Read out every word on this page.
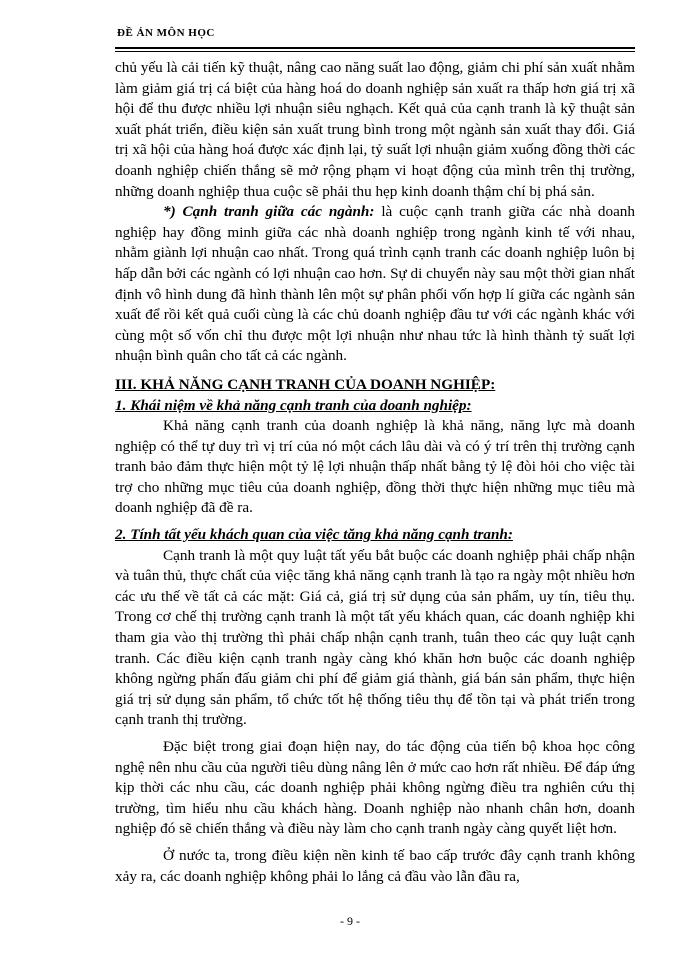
ĐỀ ÁN MÔN HỌC

chủ yếu là cải tiến kỹ thuật, nâng cao năng suất lao động, giảm chi phí sản xuất nhằm làm giảm giá trị cá biệt của hàng hoá do doanh nghiệp sản xuất ra thấp hơn giá trị xã hội để thu được nhiều lợi nhuận siêu nghạch. Kết quả của cạnh tranh là kỹ thuật sản xuất phát triển, điều kiện sản xuất trung bình trong một ngành sản xuất thay đổi. Giá trị xã hội của hàng hoá được xác định lại, tỷ suất lợi nhuận giảm xuống đồng thời các doanh nghiệp chiến thắng sẽ mở rộng phạm vi hoạt động của mình trên thị trường, những doanh nghiệp thua cuộc sẽ phải thu hẹp kinh doanh thậm chí bị phá sản.

*) Cạnh tranh giữa các ngành: là cuộc cạnh tranh giữa các nhà doanh nghiệp hay đồng minh giữa các nhà doanh nghiệp trong ngành kinh tế với nhau, nhằm giành lợi nhuận cao nhất. Trong quá trình cạnh tranh các doanh nghiệp luôn bị hấp dẫn bởi các ngành có lợi nhuận cao hơn. Sự di chuyển này sau một thời gian nhất định vô hình dung đã hình thành lên một sự phân phối vốn hợp lí giữa các ngành sản xuất để rồi kết quả cuối cùng là các chủ doanh nghiệp đầu tư với các ngành khác với cùng một số vốn chỉ thu được một lợi nhuận như nhau tức là hình thành tỷ suất lợi nhuận bình quân cho tất cả các ngành.

III. KHẢ NĂNG CẠNH TRANH CỦA DOANH NGHIỆP:

1. Khái niệm về khả năng cạnh tranh của doanh nghiệp:

Khả năng cạnh tranh của doanh nghiệp là khả năng, năng lực mà doanh nghiệp có thể tự duy trì vị trí của nó một cách lâu dài và có ý trí trên thị trường cạnh tranh bảo đảm thực hiện một tỷ lệ lợi nhuận thấp nhất bằng tỷ lệ đòi hỏi cho việc tài trợ cho những mục tiêu của doanh nghiệp, đồng thời thực hiện những mục tiêu mà doanh nghiệp đã đề ra.

2. Tính tất yếu khách quan của việc tăng khả năng cạnh tranh:

Cạnh tranh là một quy luật tất yếu bắt buộc các doanh nghiệp phải chấp nhận và tuân thủ, thực chất của việc tăng khả năng cạnh tranh là tạo ra ngày một nhiều hơn các ưu thế về tất cả các mặt: Giá cả, giá trị sử dụng của sản phẩm, uy tín, tiêu thụ. Trong cơ chế thị trường cạnh tranh là một tất yếu khách quan, các doanh nghiệp khi tham gia vào thị trường thì phải chấp nhận cạnh tranh, tuân theo các quy luật cạnh tranh. Các điều kiện cạnh tranh ngày càng khó khăn hơn buộc các doanh nghiệp không ngừng phấn đấu giảm chi phí để giảm giá thành, giá bán sản phẩm, thực hiện giá trị sử dụng sản phẩm, tổ chức tốt hệ thống tiêu thụ để tồn tại và phát triển trong cạnh tranh thị trường.

Đặc biệt trong giai đoạn hiện nay, do tác động của tiến bộ khoa học công nghệ nên nhu cầu của người tiêu dùng nâng lên ở mức cao hơn rất nhiều. Để đáp ứng kịp thời các nhu cầu, các doanh nghiệp phải không ngừng điều tra nghiên cứu thị trường, tìm hiểu nhu cầu khách hàng. Doanh nghiệp nào nhanh chân hơn, doanh nghiệp đó sẽ chiến thắng và điều này làm cho cạnh tranh ngày càng quyết liệt hơn.

Ở nước ta, trong điều kiện nền kinh tế bao cấp trước đây cạnh tranh không xảy ra, các doanh nghiệp không phải lo lắng cả đầu vào lẫn đầu ra,

- 9 -
